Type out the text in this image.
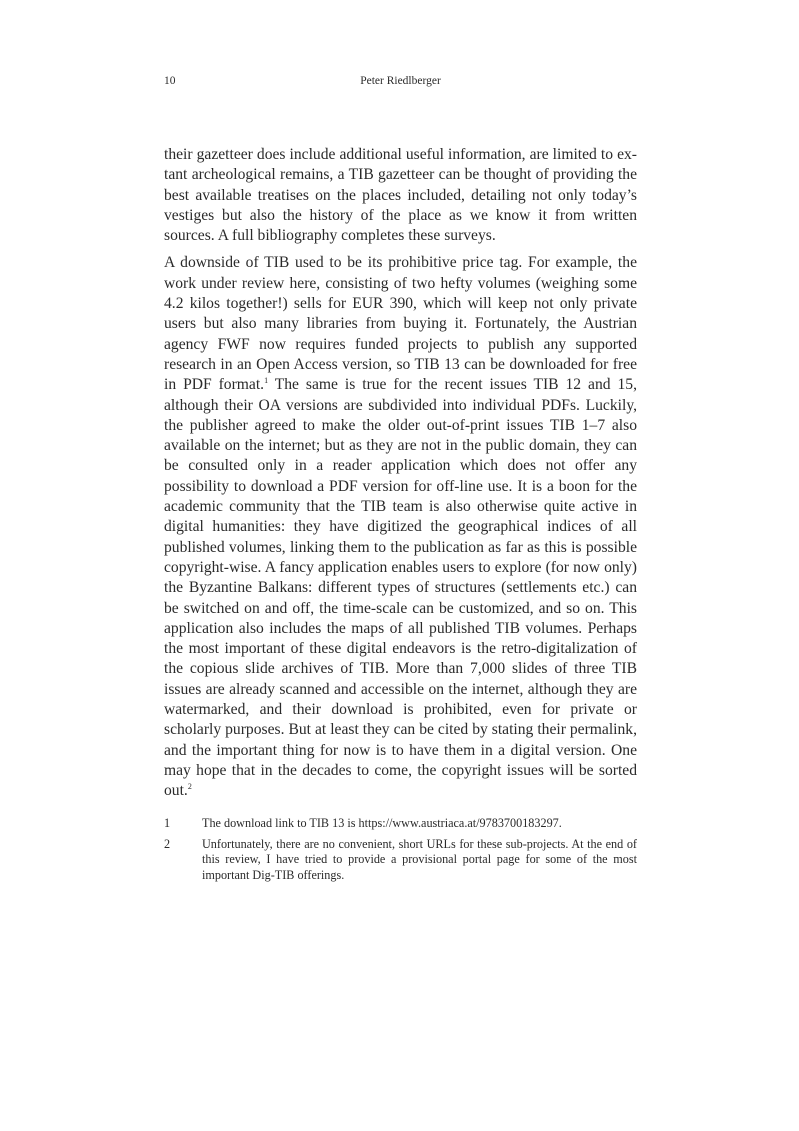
10	Peter Riedlberger

their gazetteer does include additional useful information, are limited to extant archeological remains, a TIB gazetteer can be thought of providing the best available treatises on the places included, detailing not only today’s vestiges but also the history of the place as we know it from written sources. A full bibliography completes these surveys.

A downside of TIB used to be its prohibitive price tag. For example, the work under review here, consisting of two hefty volumes (weighing some 4.2 kilos together!) sells for EUR 390, which will keep not only private users but also many libraries from buying it. Fortunately, the Austrian agency FWF now requires funded projects to publish any supported research in an Open Access version, so TIB 13 can be downloaded for free in PDF format.$^1$ The same is true for the recent issues TIB 12 and 15, although their OA versions are subdivided into individual PDFs. Luckily, the publisher agreed to make the older out-of-print issues TIB 1–7 also available on the internet; but as they are not in the public domain, they can be consulted only in a reader application which does not offer any possibility to download a PDF version for off-line use. It is a boon for the academic community that the TIB team is also otherwise quite active in digital humanities: they have digitized the geographical indices of all published volumes, linking them to the publication as far as this is possible copyright-wise. A fancy application enables users to explore (for now only) the Byzantine Balkans: different types of structures (settlements etc.) can be switched on and off, the time-scale can be customized, and so on. This application also includes the maps of all published TIB volumes. Perhaps the most important of these digital endeavors is the retro-digitalization of the copious slide archives of TIB. More than 7,000 slides of three TIB issues are already scanned and accessible on the internet, although they are watermarked, and their download is prohibited, even for private or scholarly purposes. But at least they can be cited by stating their permalink, and the important thing for now is to have them in a digital version. One may hope that in the decades to come, the copyright issues will be sorted out.$^2$

1	The download link to TIB 13 is https://www.austriaca.at/9783700183297.
2	Unfortunately, there are no convenient, short URLs for these sub-projects. At the end of this review, I have tried to provide a provisional portal page for some of the most important Dig-TIB offerings.
